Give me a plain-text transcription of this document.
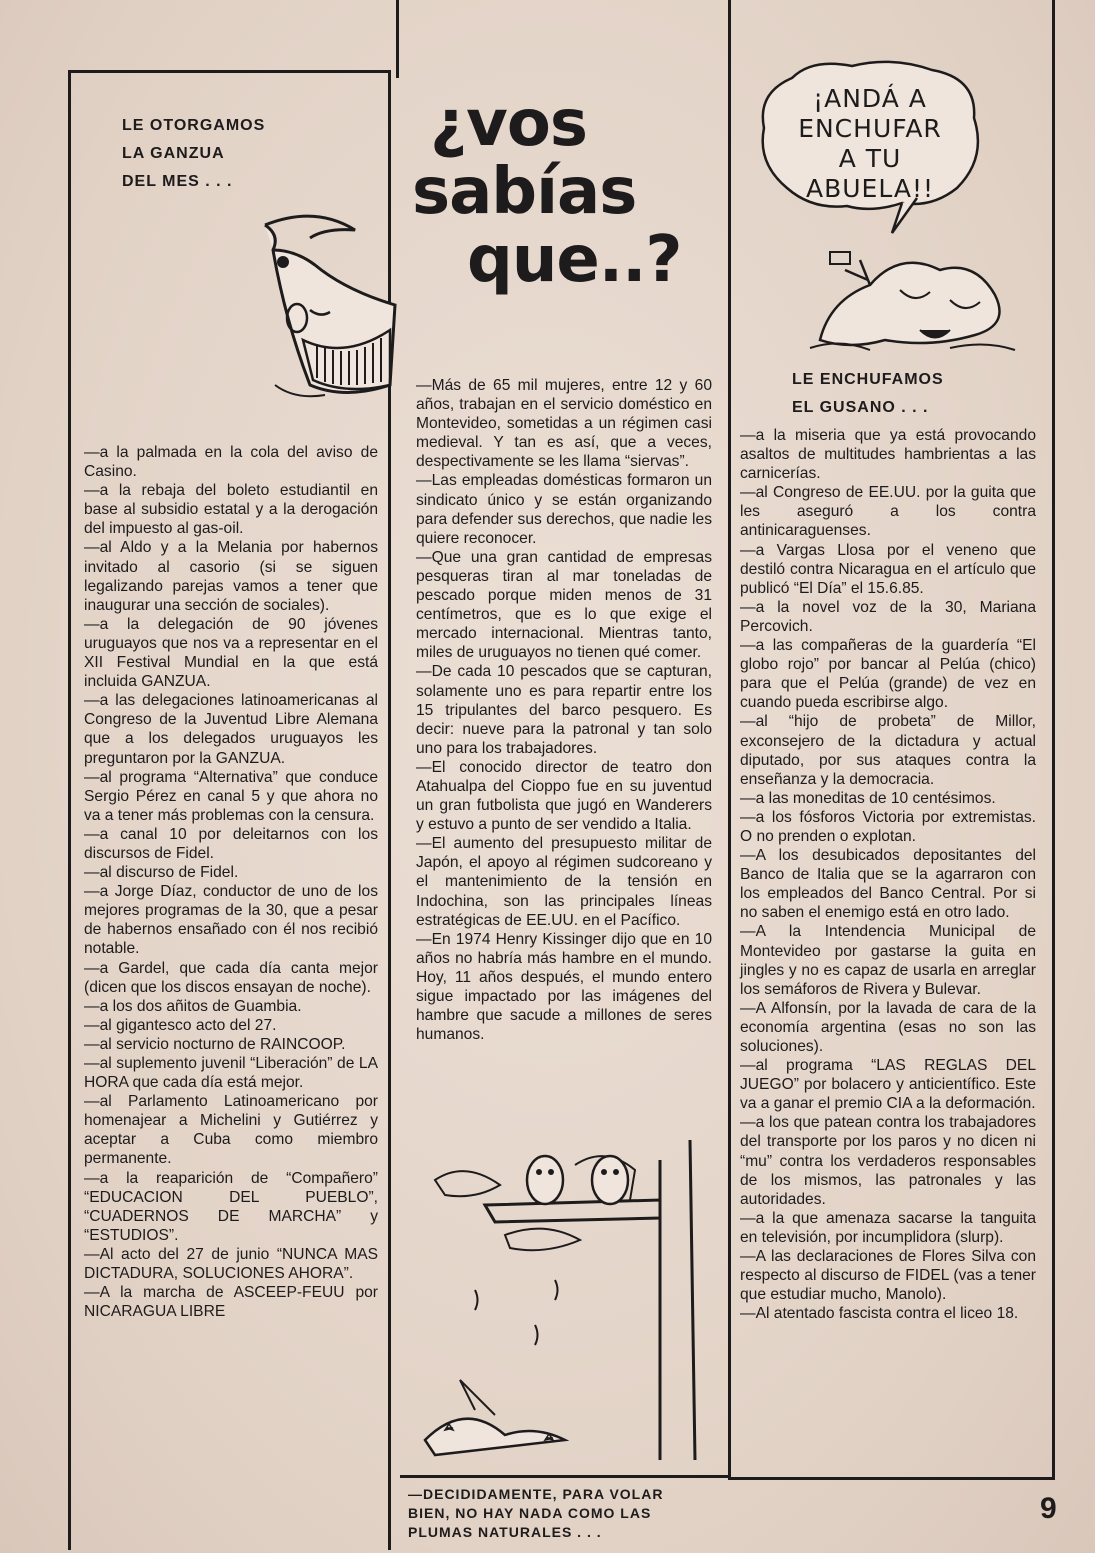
LE OTORGAMOS
LA GANZUA
DEL MES . . .

—a la palmada en la cola del aviso de Casino.

—a la rebaja del boleto estudiantil en base al subsidio estatal y a la derogación del impuesto al gas-oil.

—al Aldo y a la Melania por habernos invitado al casorio (si se siguen legalizando parejas vamos a tener que inaugurar una sección de sociales).

—a la delegación de 90 jóvenes uruguayos que nos va a representar en el XII Festival Mundial en la que está incluida GANZUA.

—a las delegaciones latinoamericanas al Congreso de la Juventud Libre Alemana que a los delegados uruguayos les preguntaron por la GANZUA.

—al programa “Alternativa” que conduce Sergio Pérez en canal 5 y que ahora no va a tener más problemas con la censura.

—a canal 10 por deleitarnos con los discursos de Fidel.

—al discurso de Fidel.

—a Jorge Díaz, conductor de uno de los mejores programas de la 30, que a pesar de habernos ensañado con él nos recibió notable.

—a Gardel, que cada día canta mejor (dicen que los discos ensayan de noche).

—a los dos añitos de Guambia.

—al gigantesco acto del 27.

—al servicio nocturno de RAINCOOP.

—al suplemento juvenil “Liberación” de LA HORA que cada día está mejor.

—al Parlamento Latinoamericano por homenajear a Michelini y Gutiérrez y aceptar a Cuba como miembro permanente.

—a la reaparición de “Compañero” “EDUCACION DEL PUEBLO”, “CUADERNOS DE MARCHA” y “ESTUDIOS”.

—Al acto del 27 de junio “NUNCA MAS DICTADURA, SOLUCIONES AHORA”.

—A la marcha de ASCEEP-FEUU por NICARAGUA LIBRE

¿vos
sabías
que..?

—Más de 65 mil mujeres, entre 12 y 60 años, trabajan en el servicio doméstico en Montevideo, sometidas a un régimen casi medieval. Y tan es así, que a veces, despectivamente se les llama “siervas”.

—Las empleadas domésticas formaron un sindicato único y se están organizando para defender sus derechos, que nadie les quiere reconocer.

—Que una gran cantidad de empresas pesqueras tiran al mar toneladas de pescado porque miden menos de 31 centímetros, que es lo que exige el mercado internacional. Mientras tanto, miles de uruguayos no tienen qué comer.

—De cada 10 pescados que se capturan, solamente uno es para repartir entre los 15 tripulantes del barco pesquero. Es decir: nueve para la patronal y tan solo uno para los trabajadores.

—El conocido director de teatro don Atahualpa del Cioppo fue en su juventud un gran futbolista que jugó en Wanderers y estuvo a punto de ser vendido a Italia.

—El aumento del presupuesto militar de Japón, el apoyo al régimen sudcoreano y el mantenimiento de la tensión en Indochina, son las principales líneas estratégicas de EE.UU. en el Pacífico.

—En 1974 Henry Kissinger dijo que en 10 años no habría más hambre en el mundo. Hoy, 11 años después, el mundo entero sigue impactado por las imágenes del hambre que sacude a millones de seres humanos.

—DECIDIDAMENTE, PARA VOLAR
BIEN, NO HAY NADA COMO LAS
PLUMAS NATURALES . . .
¡ANDÁ A
ENCHUFAR
A TU
ABUELA!!
LE ENCHUFAMOS
EL GUSANO . . .

—a la miseria que ya está provocando asaltos de multitudes hambrientas a las carnicerías.

—al Congreso de EE.UU. por la guita que les aseguró a los contra antinicaraguenses.

—a Vargas Llosa por el veneno que destiló contra Nicaragua en el artículo que publicó “El Día” el 15.6.85.

—a la novel voz de la 30, Mariana Percovich.

—a las compañeras de la guardería “El globo rojo” por bancar al Pelúa (chico) para que el Pelúa (grande) de vez en cuando pueda escribirse algo.

—al “hijo de probeta” de Millor, exconsejero de la dictadura y actual diputado, por sus ataques contra la enseñanza y la democracia.

—a las moneditas de 10 centésimos.

—a los fósforos Victoria por extremistas. O no prenden o explotan.

—A los desubicados depositantes del Banco de Italia que se la agarraron con los empleados del Banco Central. Por si no saben el enemigo está en otro lado.

—A la Intendencia Municipal de Montevideo por gastarse la guita en jingles y no es capaz de usarla en arreglar los semáforos de Rivera y Bulevar.

—A Alfonsín, por la lavada de cara de la economía argentina (esas no son las soluciones).

—al programa “LAS REGLAS DEL JUEGO” por bolacero y anticientífico. Este va a ganar el premio CIA a la deformación.

—a los que patean contra los trabajadores del transporte por los paros y no dicen ni “mu” contra los verdaderos responsables de los mismos, las patronales y las autoridades.

—a la que amenaza sacarse la tanguita en televisión, por incumplidora (slurp).

—A las declaraciones de Flores Silva con respecto al discurso de FIDEL (vas a tener que estudiar mucho, Manolo).

—Al atentado fascista contra el liceo 18.

9
